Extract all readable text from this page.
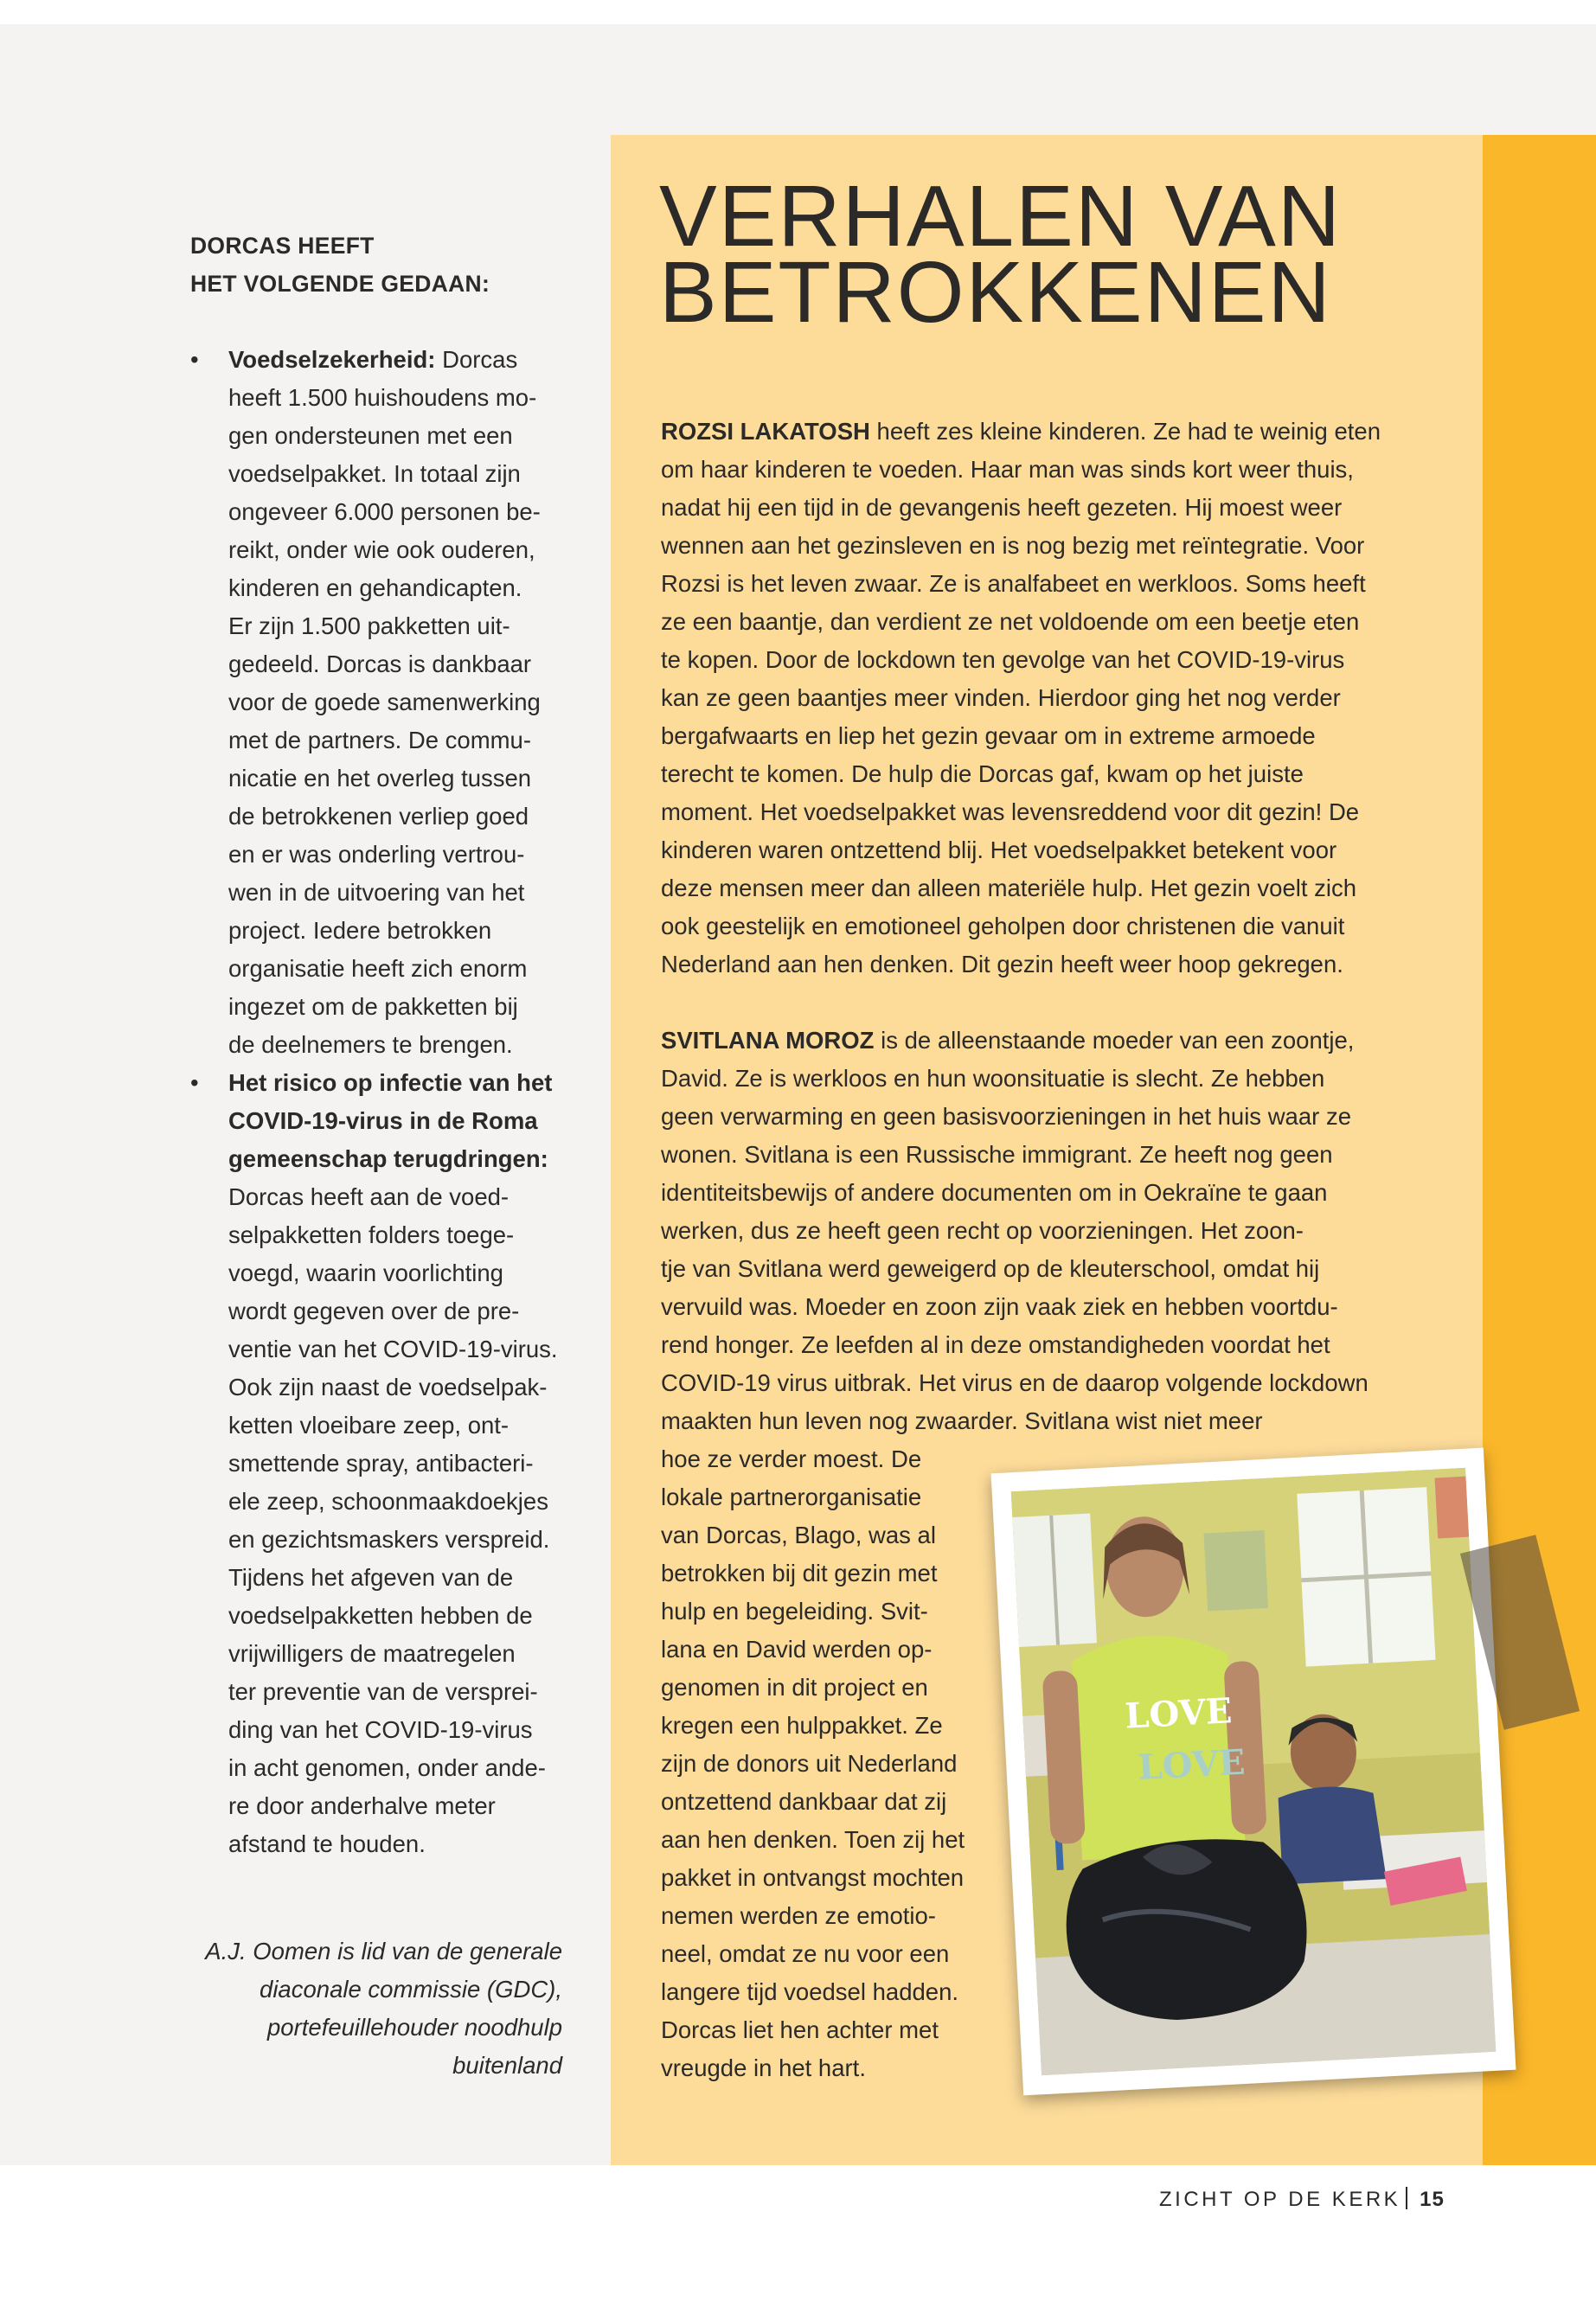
DORCAS HEEFT
HET VOLGENDE GEDAAN:
• Voedselzekerheid: Dorcas
heeft 1.500 huishoudens mo-
gen ondersteunen met een
voedselpakket. In totaal zijn
ongeveer 6.000 personen be-
reikt, onder wie ook ouderen,
kinderen en gehandicapten.
Er zijn 1.500 pakketten uit-
gedeeld. Dorcas is dankbaar
voor de goede samenwerking
met de partners. De commu-
nicatie en het overleg tussen
de betrokkenen verliep goed
en er was onderling vertrou-
wen in de uitvoering van het
project. Iedere betrokken
organisatie heeft zich enorm
ingezet om de pakketten bij
de deelnemers te brengen.
• Het risico op infectie van het
COVID-19-virus in de Roma
gemeenschap terugdringen:
Dorcas heeft aan de voed-
selpakketten folders toege-
voegd, waarin voorlichting
wordt gegeven over de pre-
ventie van het COVID-19-virus.
Ook zijn naast de voedselpak-
ketten vloeibare zeep, ont-
smettende spray, antibacteri-
ele zeep, schoonmaakdoekjes
en gezichtsmaskers verspreid.
Tijdens het afgeven van de
voedselpakketten hebben de
vrijwilligers de maatregelen
ter preventie van de versprei-
ding van het COVID-19-virus
in acht genomen, onder ande-
re door anderhalve meter
afstand te houden.
A.J. Oomen is lid van de generale
diaconale commissie (GDC),
portefeuillehouder noodhulp
buitenland
VERHALEN VAN
BETROKKENEN
ROZSI LAKATOSH heeft zes kleine kinderen. Ze had te weinig eten
om haar kinderen te voeden. Haar man was sinds kort weer thuis,
nadat hij een tijd in de gevangenis heeft gezeten. Hij moest weer
wennen aan het gezinsleven en is nog bezig met reïntegratie. Voor
Rozsi is het leven zwaar. Ze is analfabeet en werkloos. Soms heeft
ze een baantje, dan verdient ze net voldoende om een beetje eten
te kopen. Door de lockdown ten gevolge van het COVID-19-virus
kan ze geen baantjes meer vinden. Hierdoor ging het nog verder
bergafwaarts en liep het gezin gevaar om in extreme armoede
terecht te komen. De hulp die Dorcas gaf, kwam op het juiste
moment. Het voedselpakket was levensreddend voor dit gezin! De
kinderen waren ontzettend blij. Het voedselpakket betekent voor
deze mensen meer dan alleen materiële hulp. Het gezin voelt zich
ook geestelijk en emotioneel geholpen door christenen die vanuit
Nederland aan hen denken. Dit gezin heeft weer hoop gekregen.
SVITLANA MOROZ is de alleenstaande moeder van een zoontje,
David. Ze is werkloos en hun woonsituatie is slecht. Ze hebben
geen verwarming en geen basisvoorzieningen in het huis waar ze
wonen. Svitlana is een Russische immigrant. Ze heeft nog geen
identiteitsbewijs of andere documenten om in Oekraïne te gaan
werken, dus ze heeft geen recht op voorzieningen. Het zoon-
tje van Svitlana werd geweigerd op de kleuterschool, omdat hij
vervuild was. Moeder en zoon zijn vaak ziek en hebben voortdu-
rend honger. Ze leefden al in deze omstandigheden voordat het
COVID-19 virus uitbrak. Het virus en de daarop volgende lockdown
maakten hun leven nog zwaarder. Svitlana wist niet meer
hoe ze verder moest. De
lokale partnerorganisatie
van Dorcas, Blago, was al
betrokken bij dit gezin met
hulp en begeleiding. Svit-
lana en David werden op-
genomen in dit project en
kregen een hulppakket. Ze
zijn de donors uit Nederland
ontzettend dankbaar dat zij
aan hen denken. Toen zij het
pakket in ontvangst mochten
nemen werden ze emotio-
neel, omdat ze nu voor een
langere tijd voedsel hadden.
Dorcas liet hen achter met
vreugde in het hart.
LOVE
LOVE
ZICHT OP DE KERK 15
